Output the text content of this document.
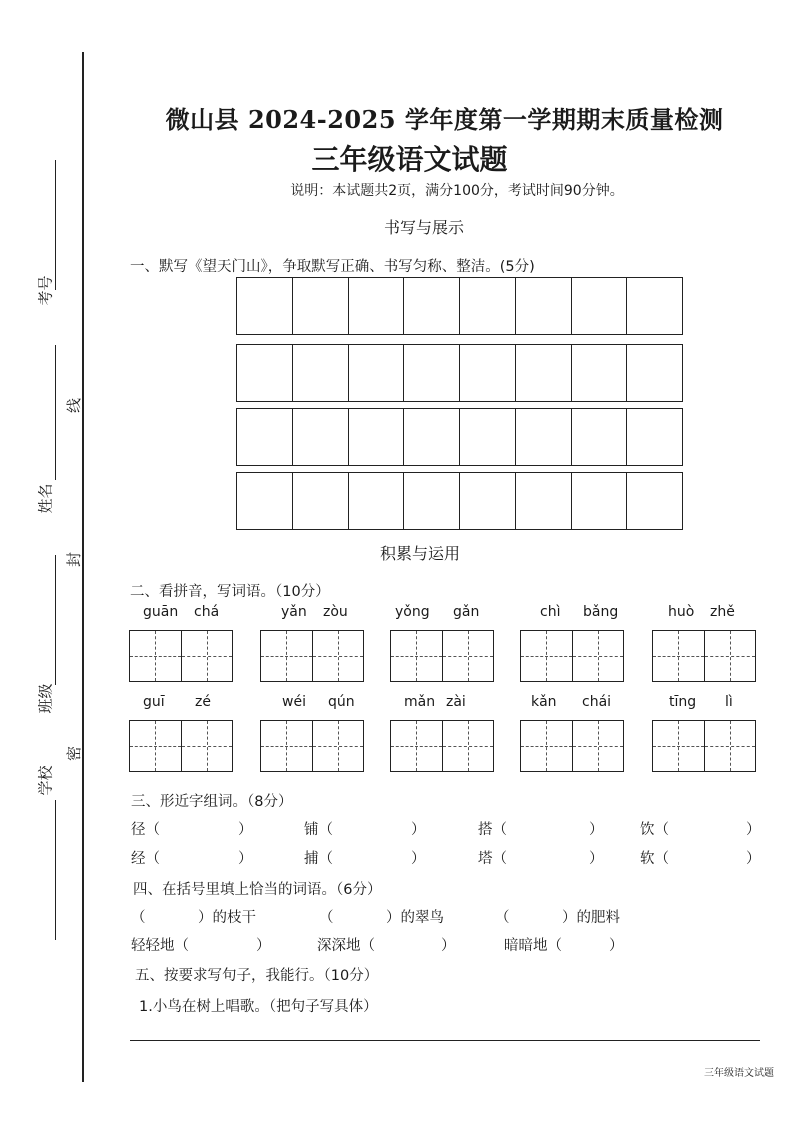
考号
线
姓名
封
班级
密
学校
微山县 2024-2025 学年度第一学期期末质量检测
三年级语文试题
说明：本试题共2页，满分100分，考试时间90分钟。
书写与展示
一、默写《望天门山》，争取默写正确、书写匀称、整洁。(5分)
积累与运用
二、看拼音，写词语。（10分）
guān chá	yǎn zòu	yǒng gǎn	chì bǎng	huò zhě
guī zé	wéi qún	mǎn zài	kǎn chái	tīng lì
三、形近字组词。（8分）
径（	）	铺（	）	搭（	）	饮（	）
经（	）	捕（	）	塔（	）	软（	）
四、在括号里填上恰当的词语。（6分）
（	）的枝干	（	）的翠鸟	（	）的肥料
轻轻地（	）	深深地（	）	暗暗地（	）
五、按要求写句子，我能行。（10分）
1.小鸟在树上唱歌。（把句子写具体）
三年级语文试题
